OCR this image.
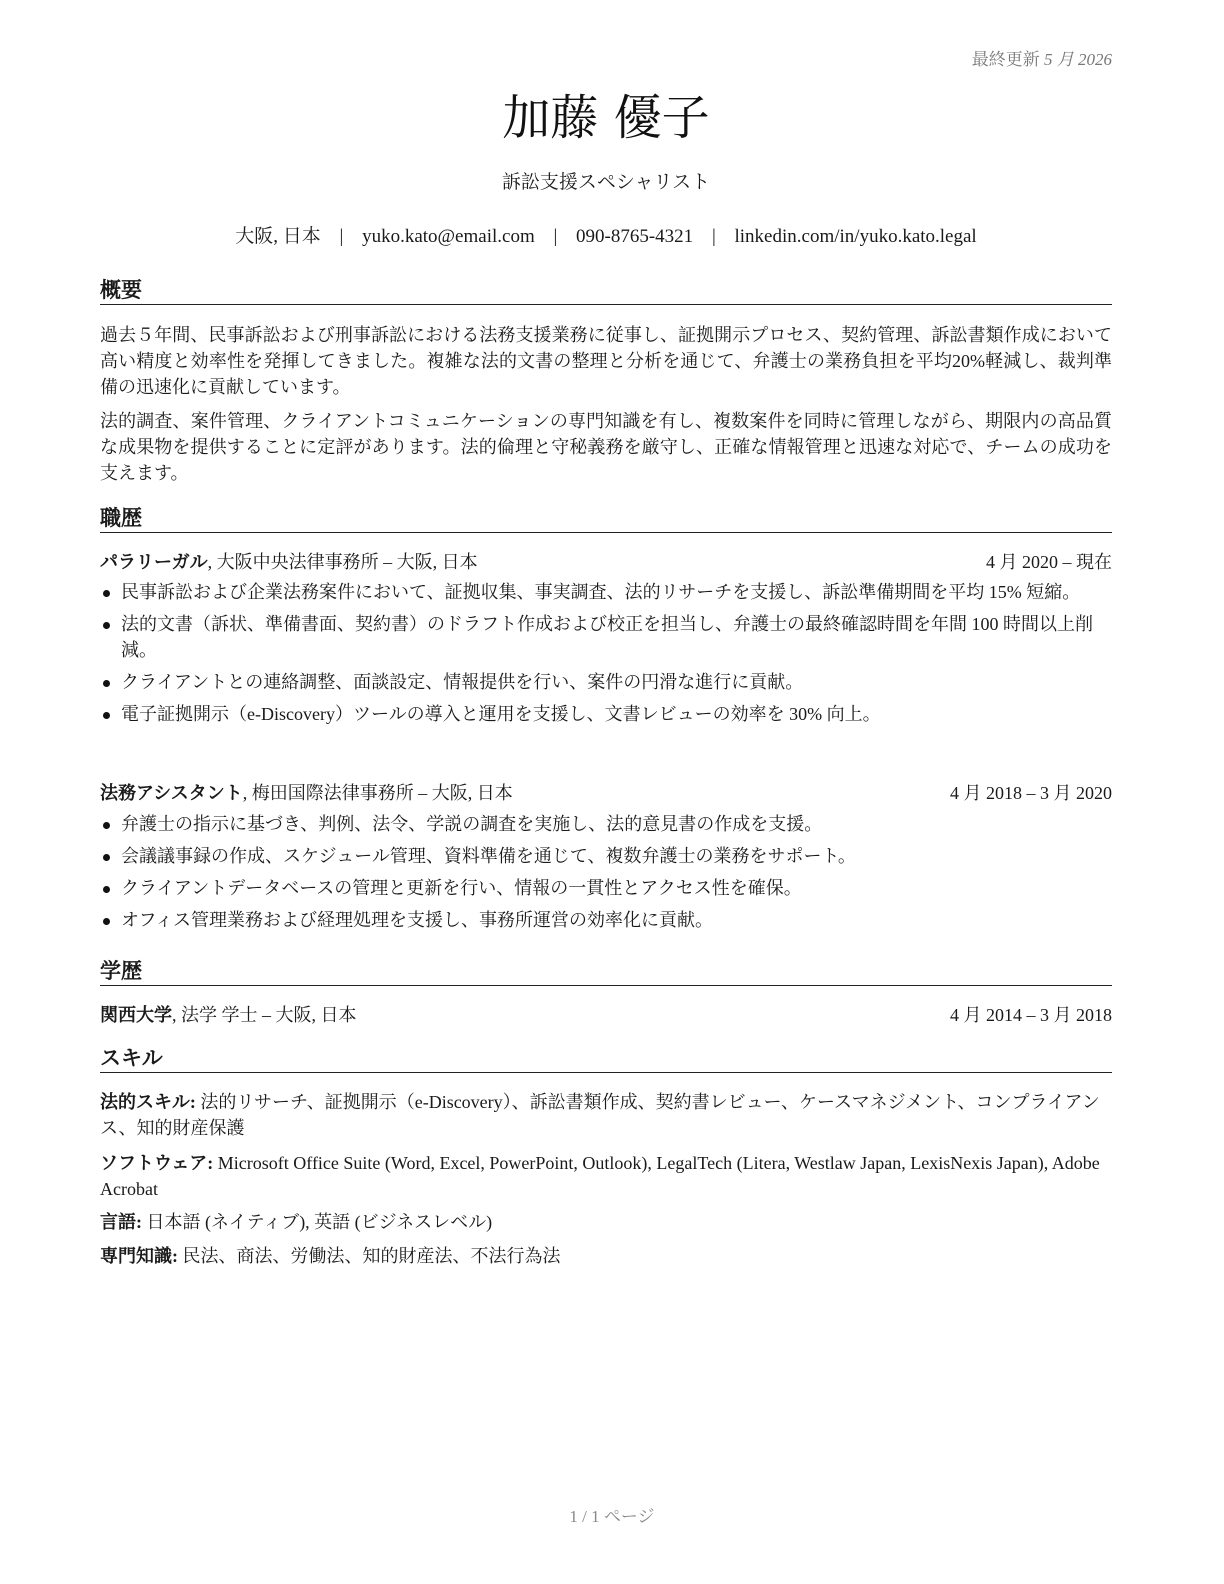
最終更新 5 月 2026
加藤 優子
訴訟支援スペシャリスト
大阪, 日本 | yuko.kato@email.com | 090-8765-4321 | linkedin.com/in/yuko.kato.legal
概要
過去５年間、民事訴訟および刑事訴訟における法務支援業務に従事し、証拠開示プロセス、契約管理、訴訟書類作成において高い精度と効率性を発揮してきました。複雑な法的文書の整理と分析を通じて、弁護士の業務負担を平均20%軽減し、裁判準備の迅速化に貢献しています。
法的調査、案件管理、クライアントコミュニケーションの専門知識を有し、複数案件を同時に管理しながら、期限内の高品質な成果物を提供することに定評があります。法的倫理と守秘義務を厳守し、正確な情報管理と迅速な対応で、チームの成功を支えます。
職歴
パラリーガル, 大阪中央法律事務所 – 大阪, 日本	4 月 2020 – 現在
民事訴訟および企業法務案件において、証拠収集、事実調査、法的リサーチを支援し、訴訟準備期間を平均 15% 短縮。
法的文書（訴状、準備書面、契約書）のドラフト作成および校正を担当し、弁護士の最終確認時間を年間 100 時間以上削減。
クライアントとの連絡調整、面談設定、情報提供を行い、案件の円滑な進行に貢献。
電子証拠開示（e-Discovery）ツールの導入と運用を支援し、文書レビューの効率を 30% 向上。
法務アシスタント, 梅田国際法律事務所 – 大阪, 日本	4 月 2018 – 3 月 2020
弁護士の指示に基づき、判例、法令、学説の調査を実施し、法的意見書の作成を支援。
会議議事録の作成、スケジュール管理、資料準備を通じて、複数弁護士の業務をサポート。
クライアントデータベースの管理と更新を行い、情報の一貫性とアクセス性を確保。
オフィス管理業務および経理処理を支援し、事務所運営の効率化に貢献。
学歴
関西大学, 法学 学士 – 大阪, 日本	4 月 2014 – 3 月 2018
スキル
法的スキル: 法的リサーチ、証拠開示（e-Discovery）、訴訟書類作成、契約書レビュー、ケースマネジメント、コンプライアンス、知的財産保護
ソフトウェア: Microsoft Office Suite (Word, Excel, PowerPoint, Outlook), LegalTech (Litera, Westlaw Japan, LexisNexis Japan), Adobe Acrobat
言語: 日本語 (ネイティブ), 英語 (ビジネスレベル)
専門知識: 民法、商法、労働法、知的財産法、不法行為法
1 / 1 ページ
